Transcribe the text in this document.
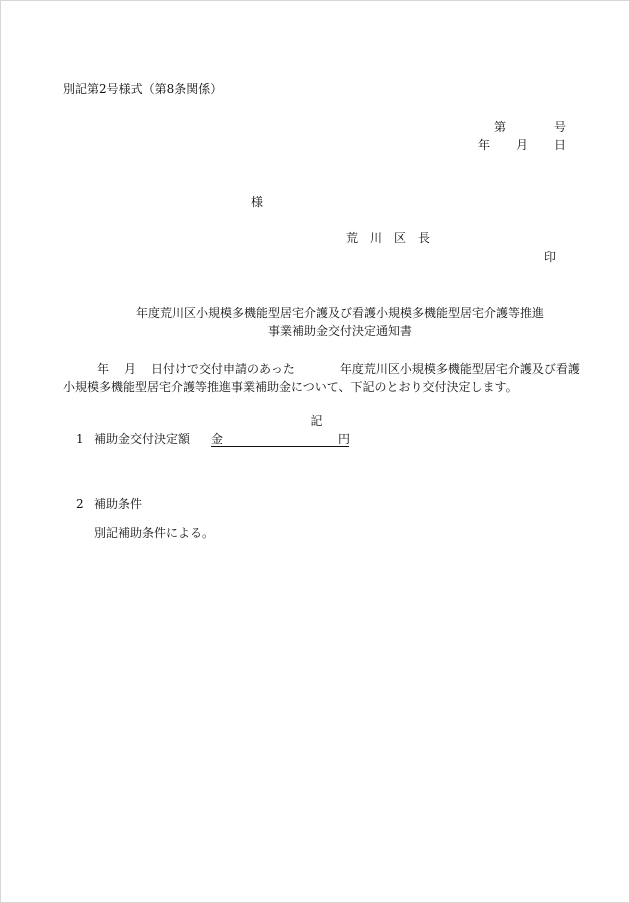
別記第2号様式（第8条関係）
第	号
年 月 日
様
荒川区長
印
年度荒川区小規模多機能型居宅介護及び看護小規模多機能型居宅介護等推進
事業補助金交付決定通知書
年 月 日付けで交付申請のあった	年度荒川区小規模多機能型居宅介護及び看護
小規模多機能型居宅介護等推進事業補助金について、下記のとおり交付決定します。
記
1 補助金交付決定額 金	円
2 補助条件
別記補助条件による。
